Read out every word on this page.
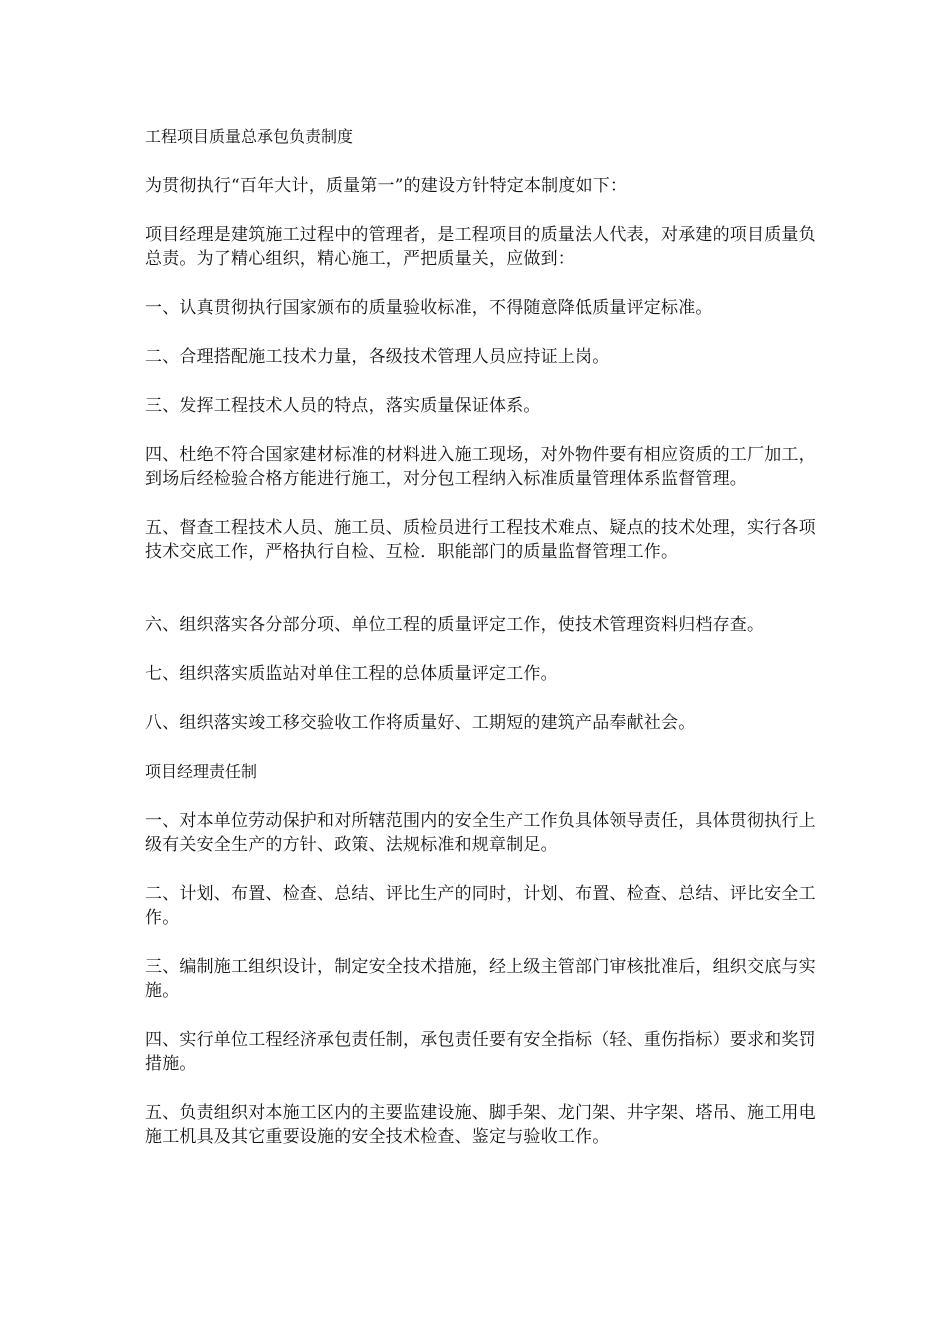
工程项目质量总承包负责制度

为贯彻执行“百年大计，质量第一”的建设方针特定本制度如下：

项目经理是建筑施工过程中的管理者，是工程项目的质量法人代表，对承建的项目质量负总责。为了精心组织，精心施工，严把质量关，应做到：

一、认真贯彻执行国家颁布的质量验收标准，不得随意降低质量评定标准。

二、合理搭配施工技术力量，各级技术管理人员应持证上岗。

三、发挥工程技术人员的特点，落实质量保证体系。

四、杜绝不符合国家建材标准的材料进入施工现场，对外物件要有相应资质的工厂加工，到场后经检验合格方能进行施工，对分包工程纳入标准质量管理体系监督管理。

五、督查工程技术人员、施工员、质检员进行工程技术难点、疑点的技术处理，实行各项技术交底工作，严格执行自检、互检．职能部门的质量监督管理工作。

六、组织落实各分部分项、单位工程的质量评定工作，使技术管理资料归档存查。

七、组织落实质监站对单住工程的总体质量评定工作。

八、组织落实竣工移交验收工作将质量好、工期短的建筑产品奉献社会。

项目经理责任制

一、对本单位劳动保护和对所辖范围内的安全生产工作负具体领导责任，具体贯彻执行上级有关安全生产的方针、政策、法规标准和规章制足。

二、计划、布置、检查、总结、评比生产的同时，计划、布置、检查、总结、评比安全工作。

三、编制施工组织设计，制定安全技术措施，经上级主管部门审核批准后，组织交底与实施。

四、实行单位工程经济承包责任制，承包责任要有安全指标（轻、重伤指标）要求和奖罚措施。

五、负责组织对本施工区内的主要监建设施、脚手架、龙门架、井字架、塔吊、施工用电施工机具及其它重要设施的安全技术检查、鉴定与验收工作。
